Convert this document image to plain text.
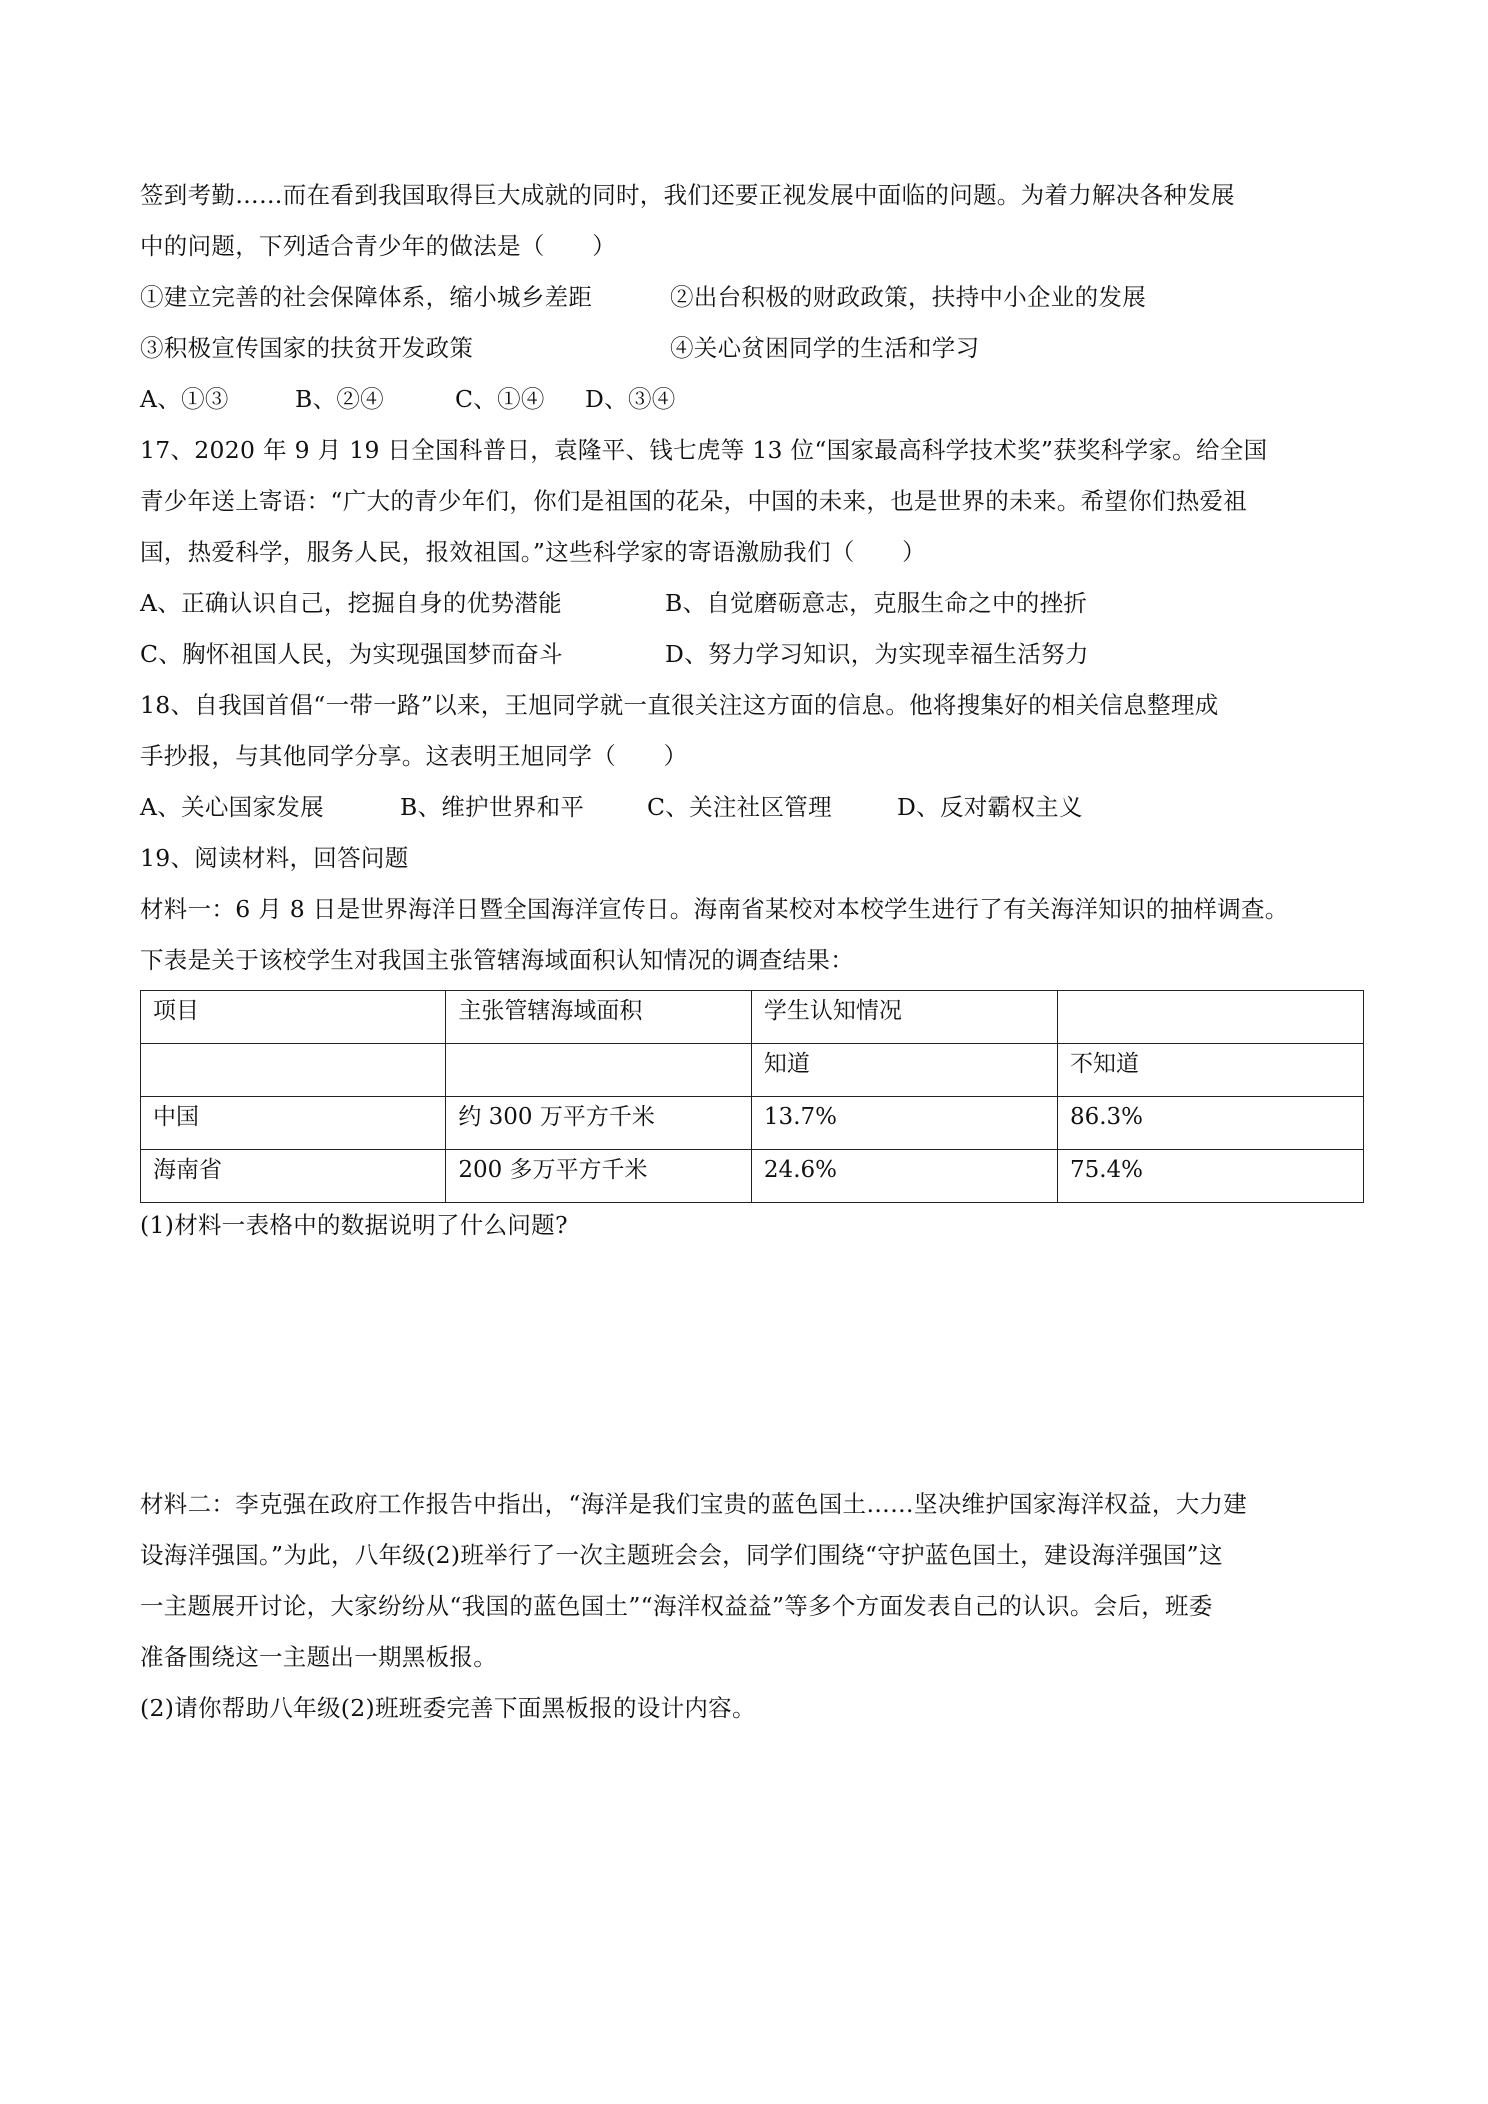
签到考勤……而在看到我国取得巨大成就的同时，我们还要正视发展中面临的问题。为着力解决各种发展
中的问题，下列适合青少年的做法是（　　）
①建立完善的社会保障体系，缩小城乡差距	②出台积极的财政政策，扶持中小企业的发展
③积极宣传国家的扶贫开发政策	④关心贫困同学的生活和学习
A、①③	B、②④	C、①④	D、③④
17、2020 年 9 月 19 日全国科普日，袁隆平、钱七虎等 13 位“国家最高科学技术奖”获奖科学家。给全国
青少年送上寄语：“广大的青少年们，你们是祖国的花朵，中国的未来，也是世界的未来。希望你们热爱祖
国，热爱科学，服务人民，报效祖国。”这些科学家的寄语激励我们（　　）
A、正确认识自己，挖掘自身的优势潜能	B、自觉磨砺意志，克服生命之中的挫折
C、胸怀祖国人民，为实现强国梦而奋斗	D、努力学习知识，为实现幸福生活努力
18、自我国首倡“一带一路”以来，王旭同学就一直很关注这方面的信息。他将搜集好的相关信息整理成
手抄报，与其他同学分享。这表明王旭同学（　　）
A、关心国家发展	B、维护世界和平	C、关注社区管理	D、反对霸权主义
19、阅读材料，回答问题
材料一：6 月 8 日是世界海洋日暨全国海洋宣传日。海南省某校对本校学生进行了有关海洋知识的抽样调查。
下表是关于该校学生对我国主张管辖海域面积认知情况的调查结果：
项目	主张管辖海域面积	学生认知情况	
		知道	不知道
中国	约 300 万平方千米	13.7%	86.3%
海南省	200 多万平方千米	24.6%	75.4%
(1)材料一表格中的数据说明了什么问题?
材料二：李克强在政府工作报告中指出，“海洋是我们宝贵的蓝色国土……坚决维护国家海洋权益，大力建
设海洋强国。”为此，八年级(2)班举行了一次主题班会会，同学们围绕“守护蓝色国土，建设海洋强国”这
一主题展开讨论，大家纷纷从“我国的蓝色国土”“海洋权益益”等多个方面发表自己的认识。会后，班委
准备围绕这一主题出一期黑板报。
(2)请你帮助八年级(2)班班委完善下面黑板报的设计内容。
